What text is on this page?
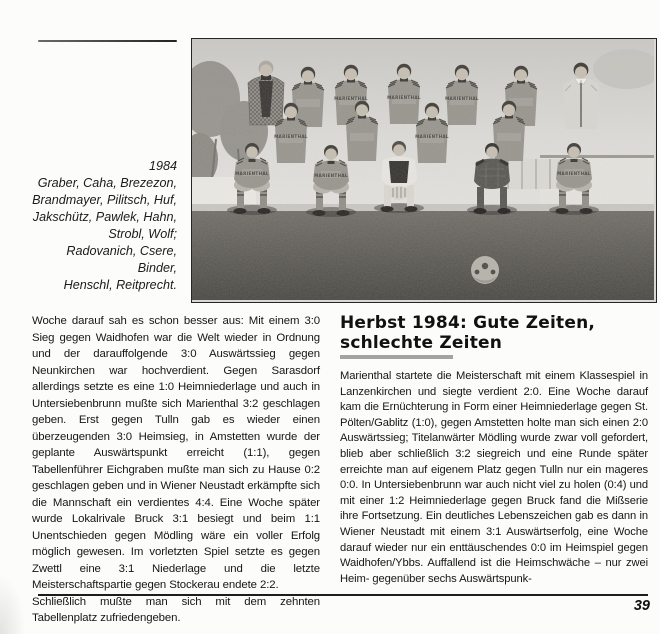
1984
Graber, Caha, Brezezon,
Brandmayer, Pilitsch, Huf,
Jakschütz, Pawlek, Hahn,
Strobl, Wolf;
Radovanich, Csere, Binder,
Henschl, Reitprecht.

Woche darauf sah es schon besser aus: Mit einem 3:0 Sieg gegen Waidhofen war die Welt wieder in Ordnung und der darauffolgende 3:0 Auswärtssieg gegen Neunkirchen war hochverdient. Gegen Sarasdorf allerdings setzte es eine 1:0 Heimniederlage und auch in Untersiebenbrunn mußte sich Marienthal 3:2 geschlagen geben. Erst gegen Tulln gab es wieder einen überzeugenden 3:0 Heimsieg, in Amstetten wurde der geplante Auswärtspunkt erreicht (1:1), gegen Tabellenführer Eichgraben mußte man sich zu Hause 0:2 geschlagen geben und in Wiener Neustadt erkämpfte sich die Mannschaft ein verdientes 4:4. Eine Woche später wurde Lokalrivale Bruck 3:1 besiegt und beim 1:1 Unentschieden gegen Mödling wäre ein voller Erfolg möglich gewesen. Im vorletzten Spiel setzte es gegen Zwettl eine 3:1 Niederlage und die letzte Meisterschaftspartie gegen Stockerau endete 2:2.

Schließlich mußte man sich mit dem zehnten Tabellenplatz zufriedengeben.

Herbst 1984: Gute Zeiten,
schlechte Zeiten

Marienthal startete die Meisterschaft mit einem Klassespiel in Lanzenkirchen und siegte verdient 2:0. Eine Woche darauf kam die Ernüchterung in Form einer Heimniederlage gegen St. Pölten/Gablitz (1:0), gegen Amstetten holte man sich einen 2:0 Auswärtssieg; Titelanwärter Mödling wurde zwar voll gefordert, blieb aber schließlich 3:2 siegreich und eine Runde später erreichte man auf eigenem Platz gegen Tulln nur ein mageres 0:0. In Untersiebenbrunn war auch nicht viel zu holen (0:4) und mit einer 1:2 Heimniederlage gegen Bruck fand die Mißserie ihre Fortsetzung. Ein deutliches Lebenszeichen gab es dann in Wiener Neustadt mit einem 3:1 Auswärtserfolg, eine Woche darauf wieder nur ein enttäuschendes 0:0 im Heimspiel gegen Waidhofen/Ybbs. Auffallend ist die Heimschwäche – nur zwei Heim- gegenüber sechs Auswärtspunk-

39
